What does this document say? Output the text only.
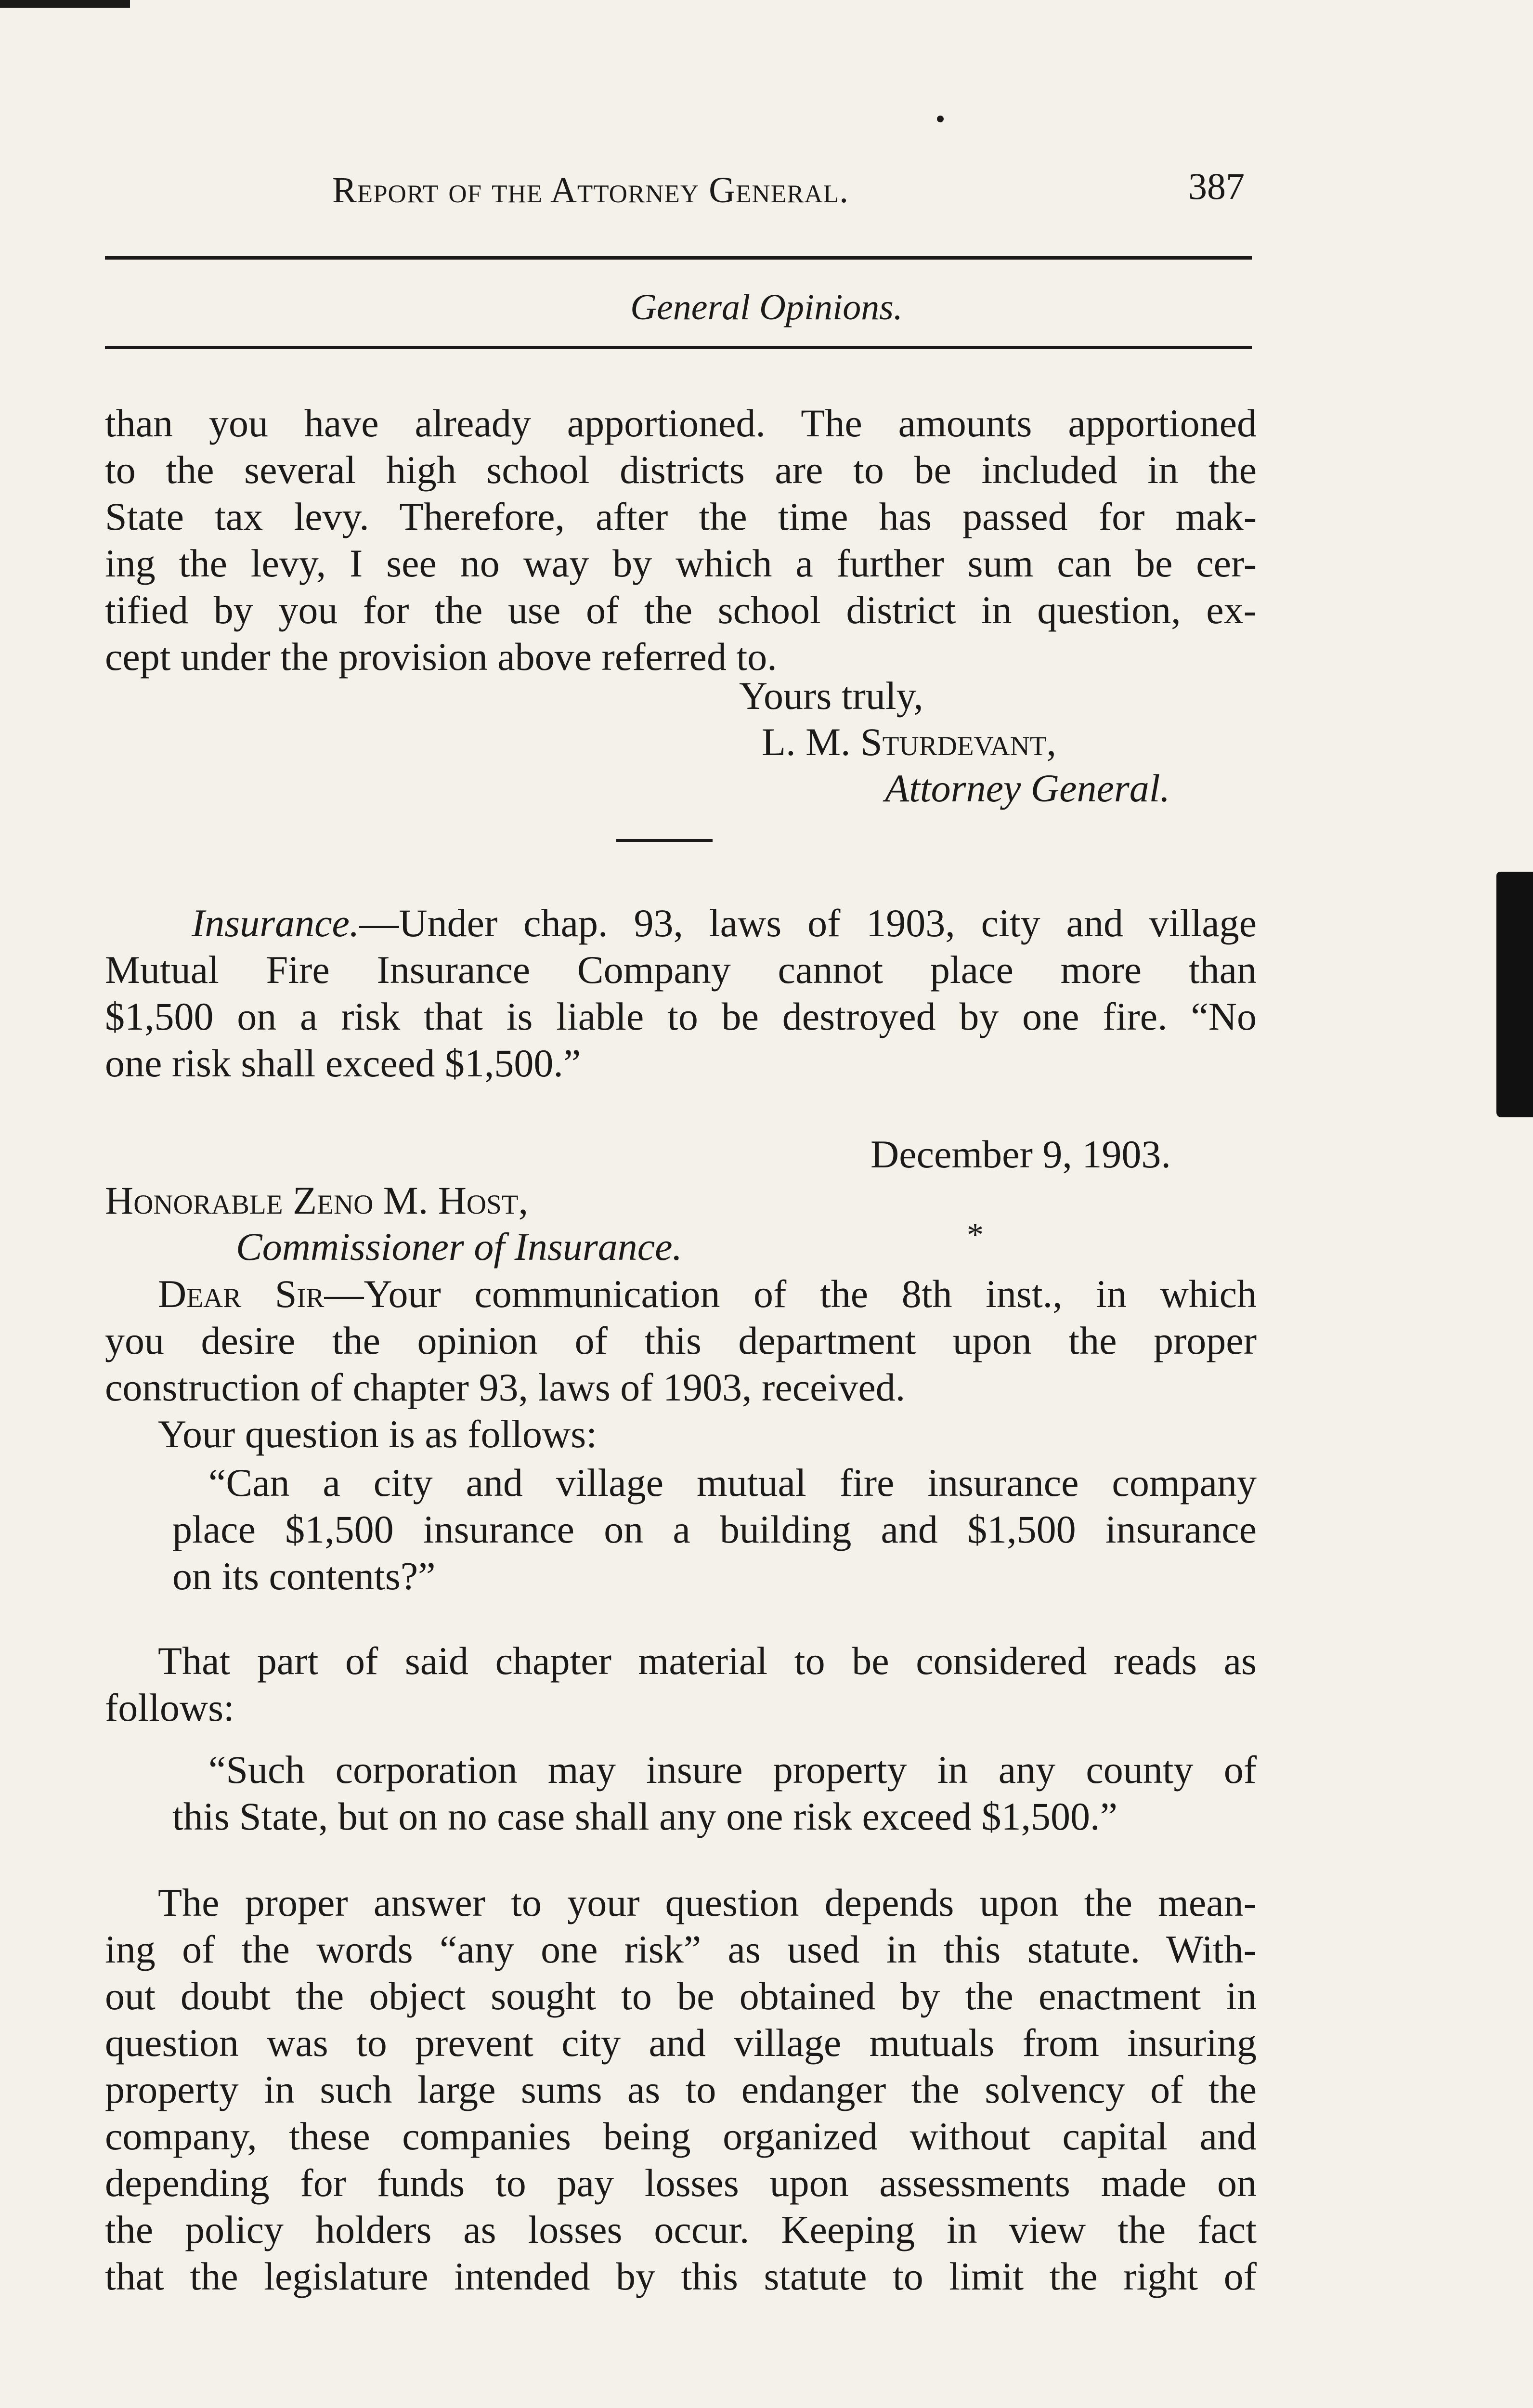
Report of the Attorney General.	387
General Opinions.
than you have already apportioned. The amounts apportioned
to the several high school districts are to be included in the
State tax levy. Therefore, after the time has passed for mak-
ing the levy, I see no way by which a further sum can be cer-
tified by you for the use of the school district in question, ex-
cept under the provision above referred to.
Yours truly,
L. M. Sturdevant,
Attorney General.
Insurance.—Under chap. 93, laws of 1903, city and village
Mutual Fire Insurance Company cannot place more than
$1,500 on a risk that is liable to be destroyed by one fire. “No
one risk shall exceed $1,500.”
December 9, 1903.
Honorable Zeno M. Host,
Commissioner of Insurance.	*
Dear Sir—Your communication of the 8th inst., in which
you desire the opinion of this department upon the proper
construction of chapter 93, laws of 1903, received.
Your question is as follows:
“Can a city and village mutual fire insurance company
place $1,500 insurance on a building and $1,500 insurance
on its contents?”
That part of said chapter material to be considered reads as
follows:
“Such corporation may insure property in any county of
this State, but on no case shall any one risk exceed $1,500.”
The proper answer to your question depends upon the mean-
ing of the words “any one risk” as used in this statute. With-
out doubt the object sought to be obtained by the enactment in
question was to prevent city and village mutuals from insuring
property in such large sums as to endanger the solvency of the
company, these companies being organized without capital and
depending for funds to pay losses upon assessments made on
the policy holders as losses occur. Keeping in view the fact
that the legislature intended by this statute to limit the right of
